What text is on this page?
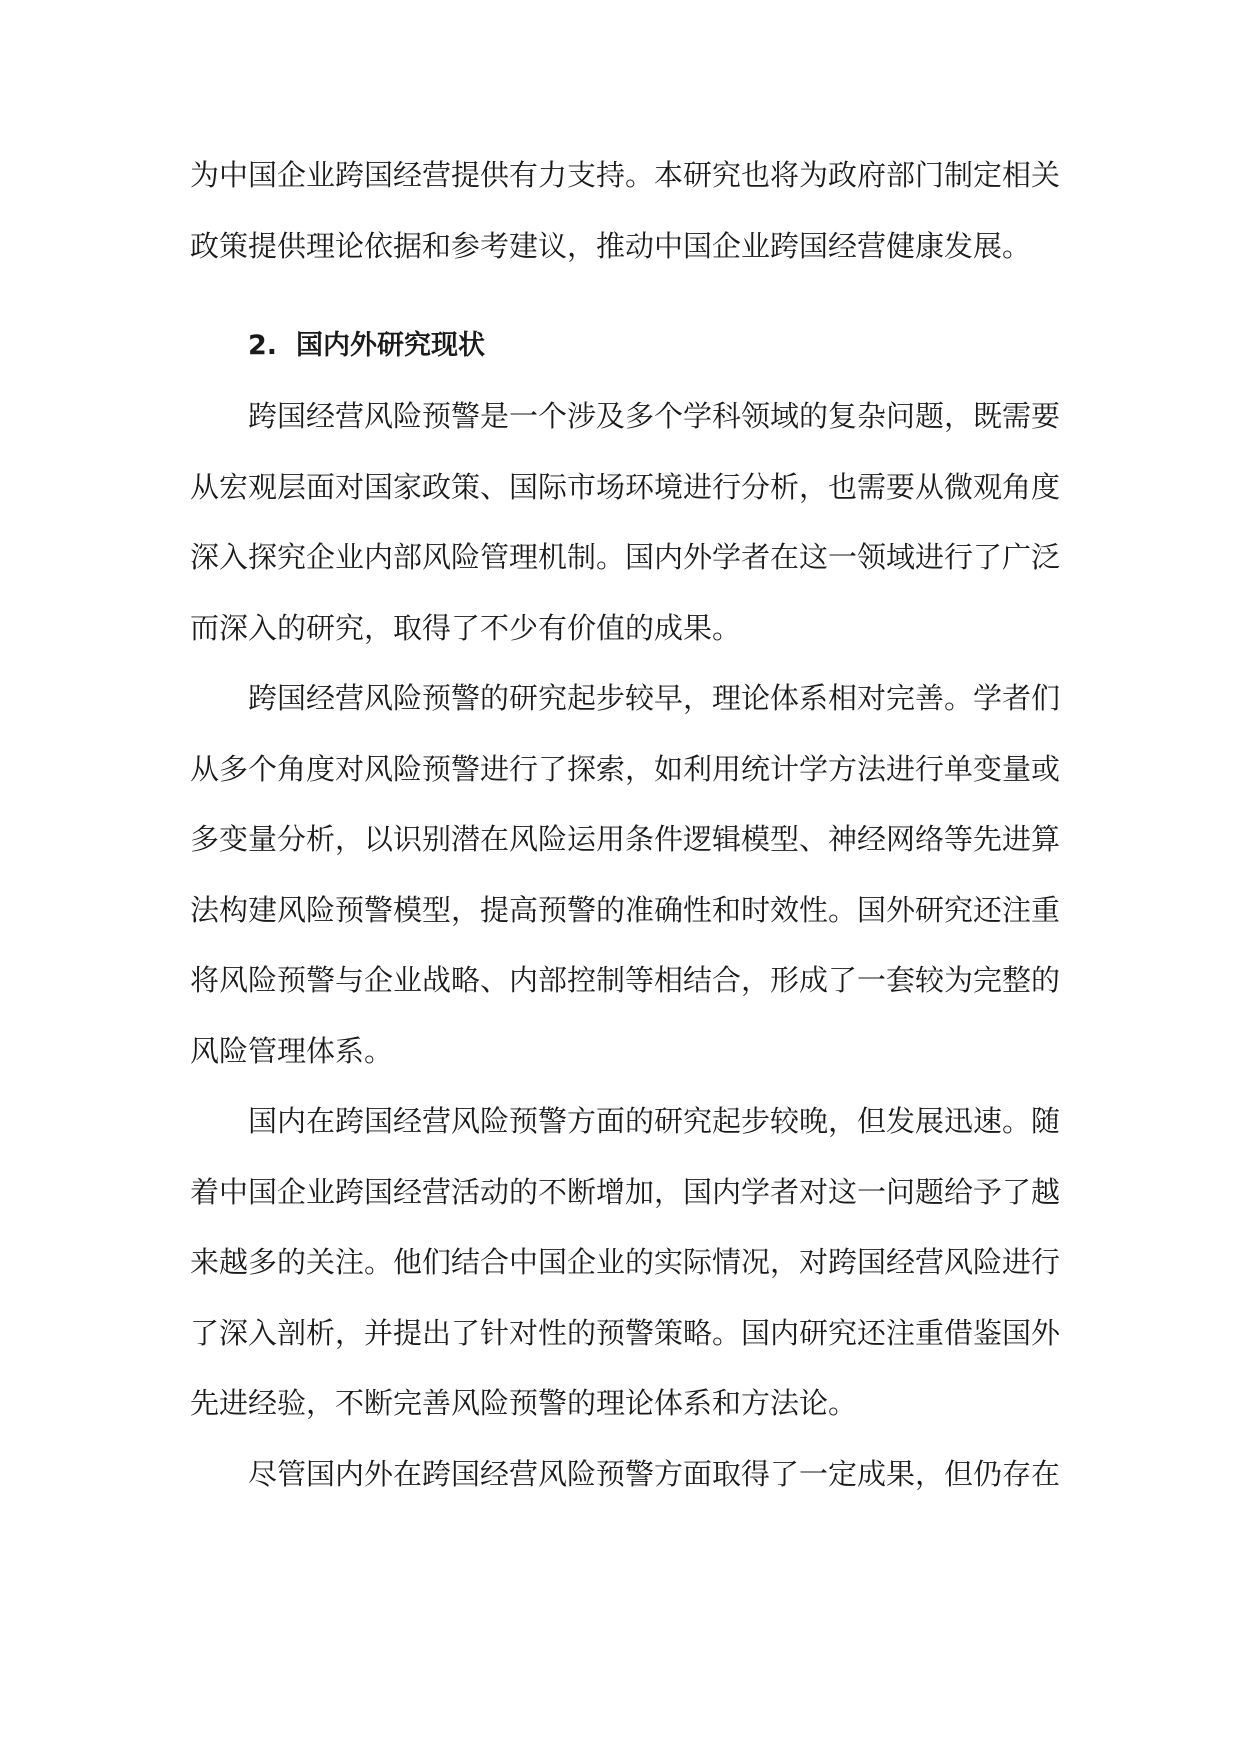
为中国企业跨国经营提供有力支持。本研究也将为政府部门制定相关
政策提供理论依据和参考建议，推动中国企业跨国经营健康发展。
2. 国内外研究现状
跨国经营风险预警是一个涉及多个学科领域的复杂问题，既需要
从宏观层面对国家政策、国际市场环境进行分析，也需要从微观角度
深入探究企业内部风险管理机制。国内外学者在这一领域进行了广泛
而深入的研究，取得了不少有价值的成果。
跨国经营风险预警的研究起步较早，理论体系相对完善。学者们
从多个角度对风险预警进行了探索，如利用统计学方法进行单变量或
多变量分析，以识别潜在风险运用条件逻辑模型、神经网络等先进算
法构建风险预警模型，提高预警的准确性和时效性。国外研究还注重
将风险预警与企业战略、内部控制等相结合，形成了一套较为完整的
风险管理体系。
国内在跨国经营风险预警方面的研究起步较晚，但发展迅速。随
着中国企业跨国经营活动的不断增加，国内学者对这一问题给予了越
来越多的关注。他们结合中国企业的实际情况，对跨国经营风险进行
了深入剖析，并提出了针对性的预警策略。国内研究还注重借鉴国外
先进经验，不断完善风险预警的理论体系和方法论。
尽管国内外在跨国经营风险预警方面取得了一定成果，但仍存在
